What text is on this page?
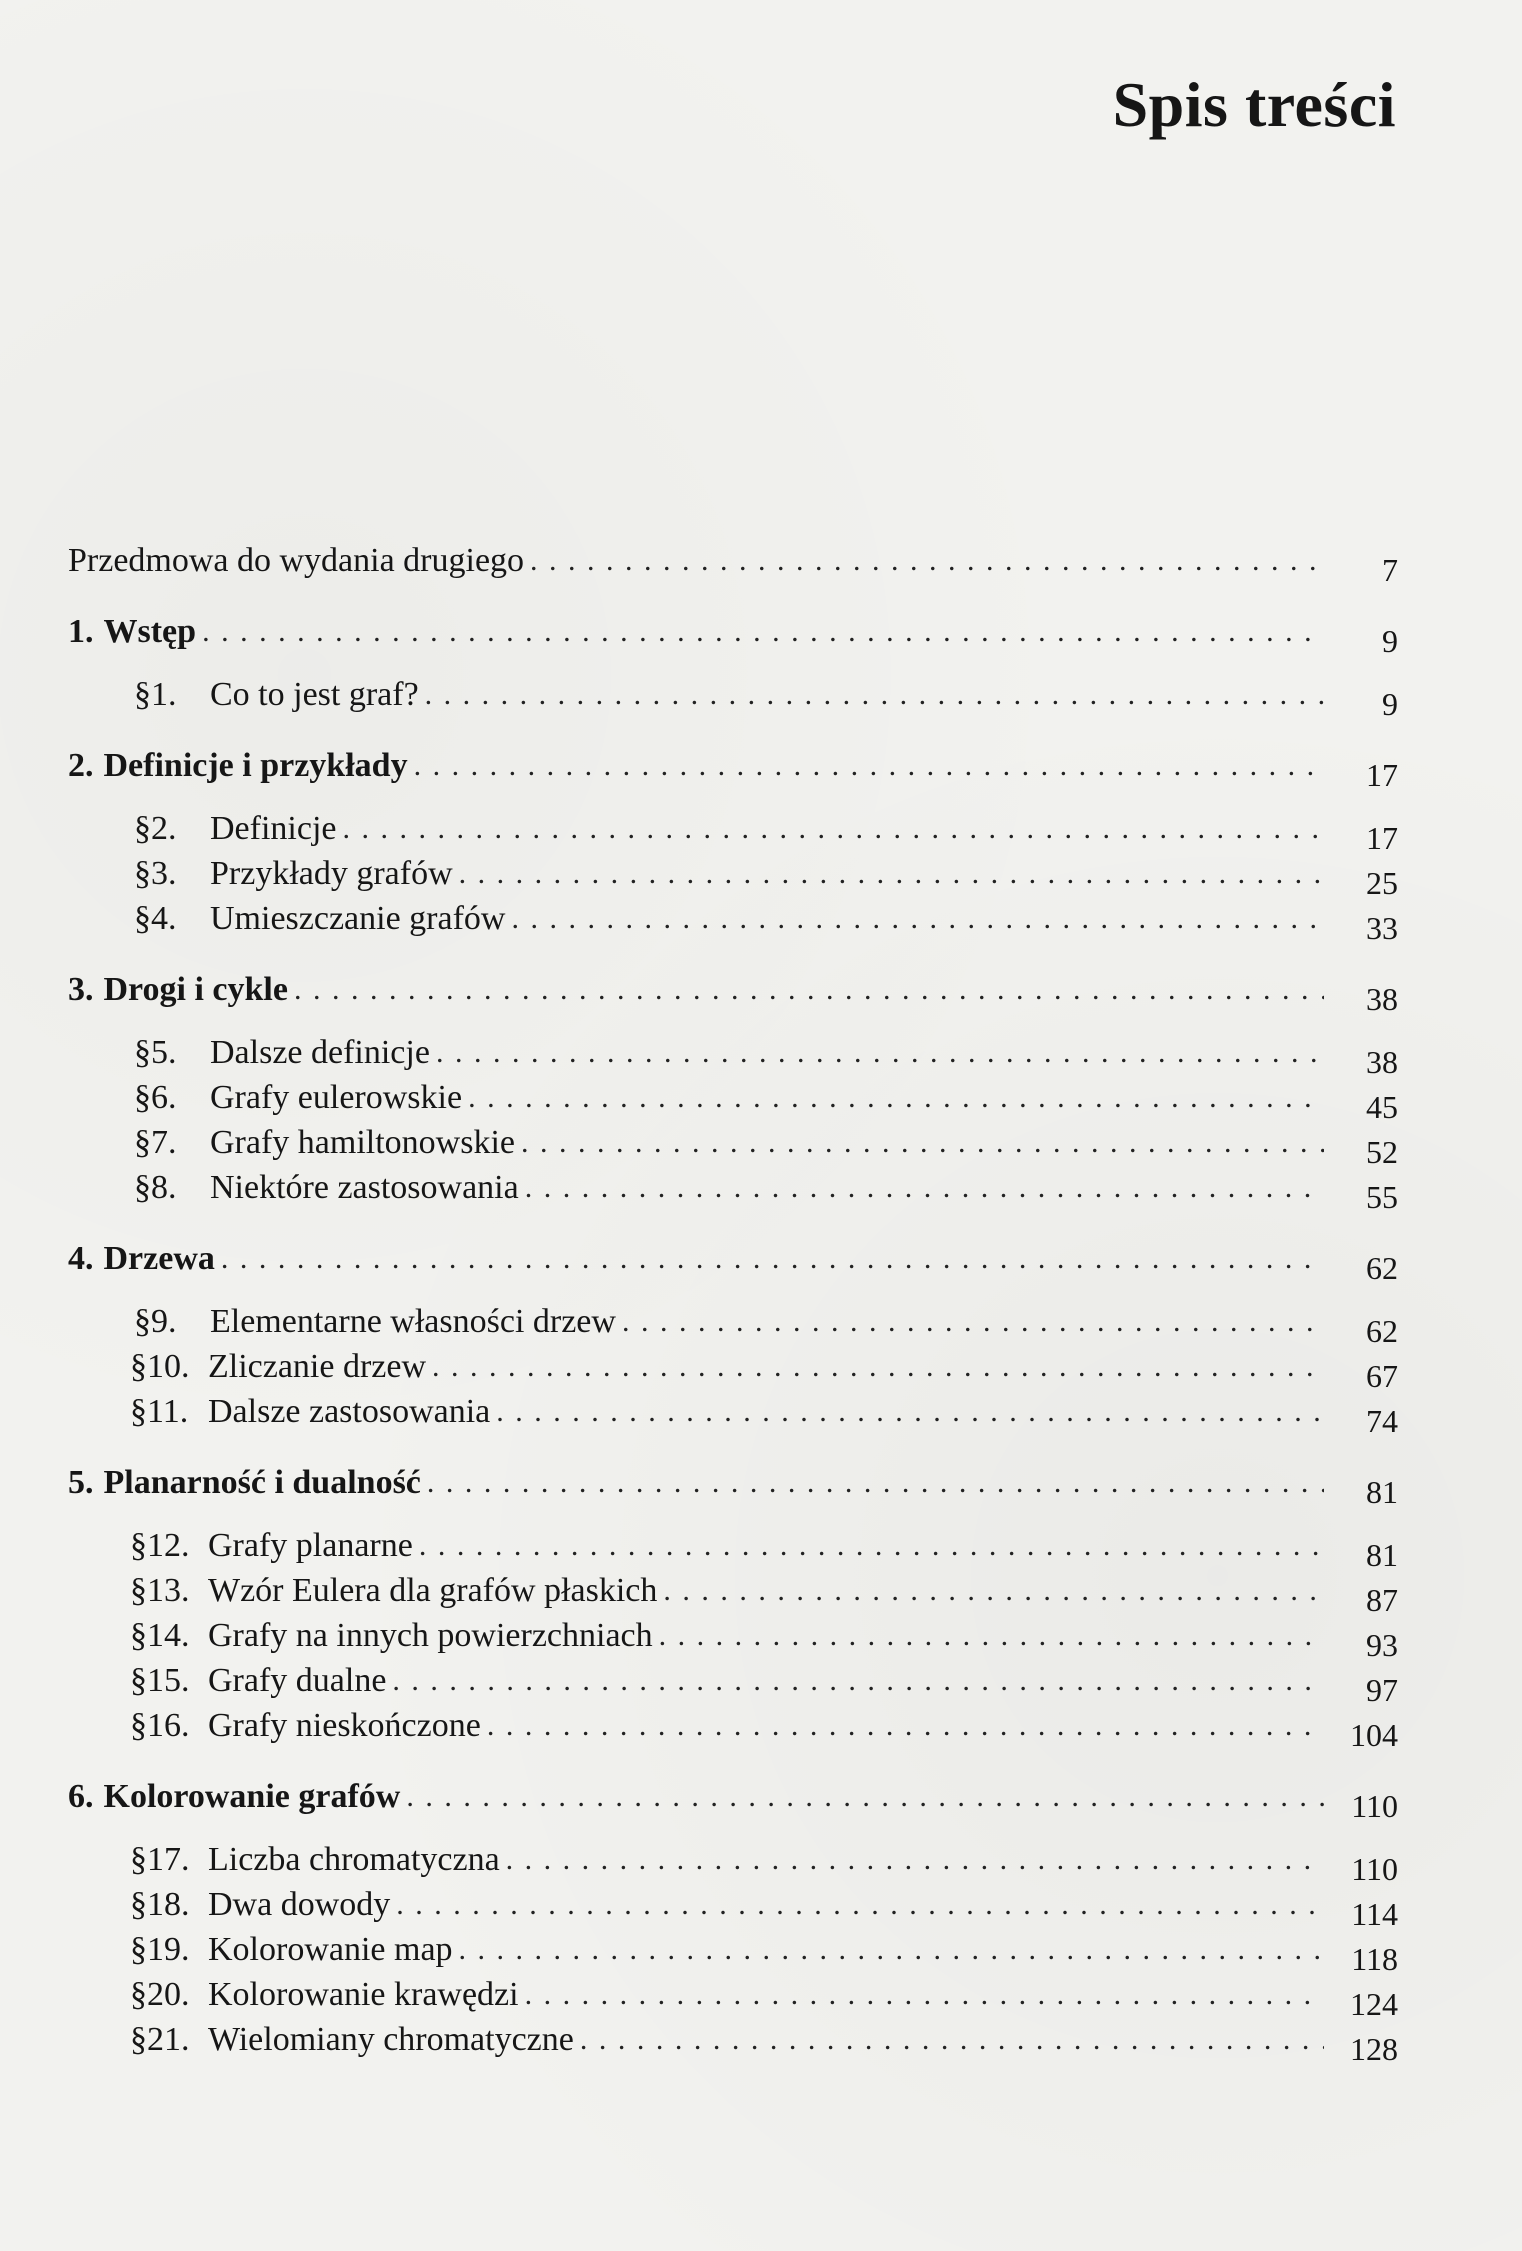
Spis treści
Przedmowa do wydania drugiego . . .	7
1. Wstęp . . .	9
§1. Co to jest graf? . . .	9
2. Definicje i przykłady . . .	17
§2. Definicje . . .	17
§3. Przykłady grafów . . .	25
§4. Umieszczanie grafów . . .	33
3. Drogi i cykle . . .	38
§5. Dalsze definicje . . .	38
§6. Grafy eulerowskie . . .	45
§7. Grafy hamiltonowskie . . .	52
§8. Niektóre zastosowania . . .	55
4. Drzewa . . .	62
§9. Elementarne własności drzew . . .	62
§10. Zliczanie drzew . . .	67
§11. Dalsze zastosowania . . .	74
5. Planarność i dualność . . .	81
§12. Grafy planarne . . .	81
§13. Wzór Eulera dla grafów płaskich . . .	87
§14. Grafy na innych powierzchniach . . .	93
§15. Grafy dualne . . .	97
§16. Grafy nieskończone . . .	104
6. Kolorowanie grafów . . .	110
§17. Liczba chromatyczna . . .	110
§18. Dwa dowody . . .	114
§19. Kolorowanie map . . .	118
§20. Kolorowanie krawędzi . . .	124
§21. Wielomiany chromatyczne . . .	128
